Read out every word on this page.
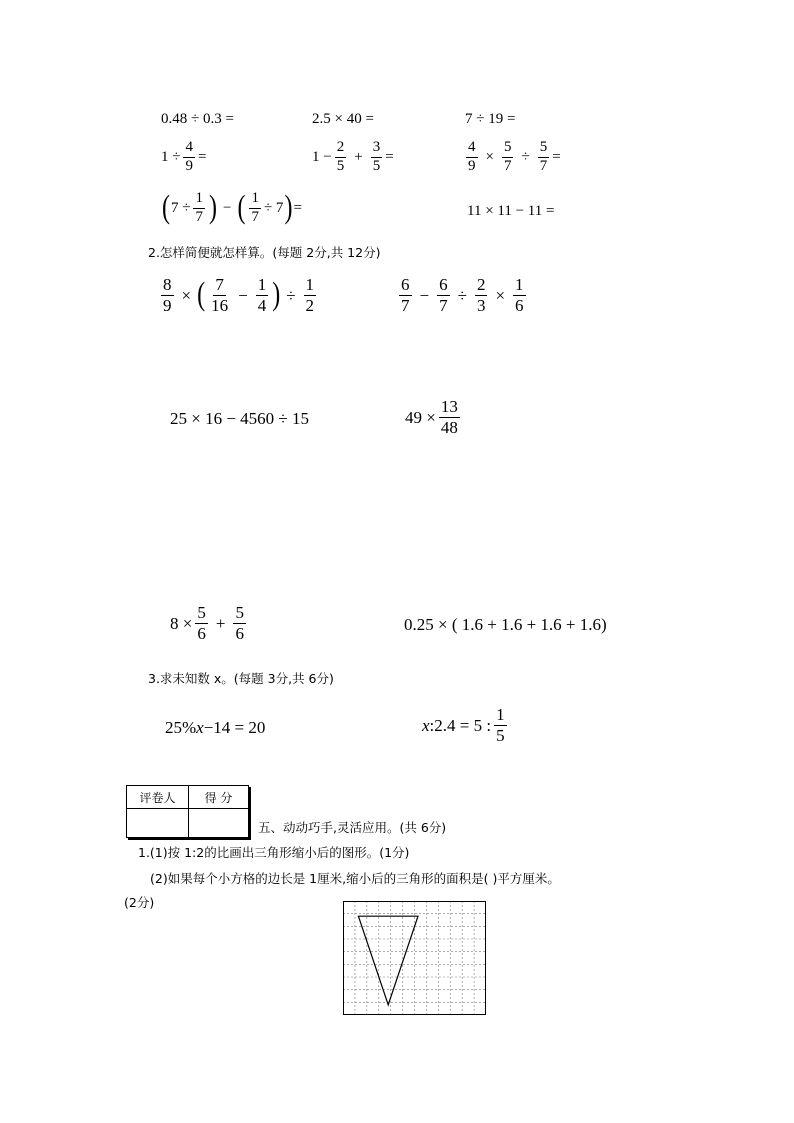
0.48 ÷ 0.3 =	2.5 × 40 =	7 ÷ 19 =
$1 \div \frac{4}{9}$ =	$1 - \frac{2}{5} + \frac{3}{5}$ =	$\frac{4}{9} \times \frac{5}{7} \div \frac{5}{7}$ =
( $7 \div \frac{1}{7}$ ) − ( $\frac{1}{7} \div 7$ ) =	11 × 11 − 11 =
2.怎样简便就怎样算。(每题 2分,共 12分)
$\frac{8}{9}$ × ( $\frac{7}{16} - \frac{1}{4}$ ) ÷ $\frac{1}{2}$	$\frac{6}{7} - \frac{6}{7} \div \frac{2}{3} \times \frac{1}{6}$
25 × 16 − 4560 ÷ 15	$49 \times \frac{13}{48}$
$8 \times \frac{5}{6} + \frac{5}{6}$	0.25 × ( 1.6 + 1.6 + 1.6 + 1.6)
3.求未知数 x。(每题 3分,共 6分)
25% x −14 = 20	x :2.4 = 5 : $\frac{1}{5}$
评卷人	得 分

五、动动巧手,灵活应用。(共 6分)
1.(1)按 1:2的比画出三角形缩小后的图形。(1分)
(2)如果每个小方格的边长是 1厘米,缩小后的三角形的面积是( )平方厘米。
(2分)
